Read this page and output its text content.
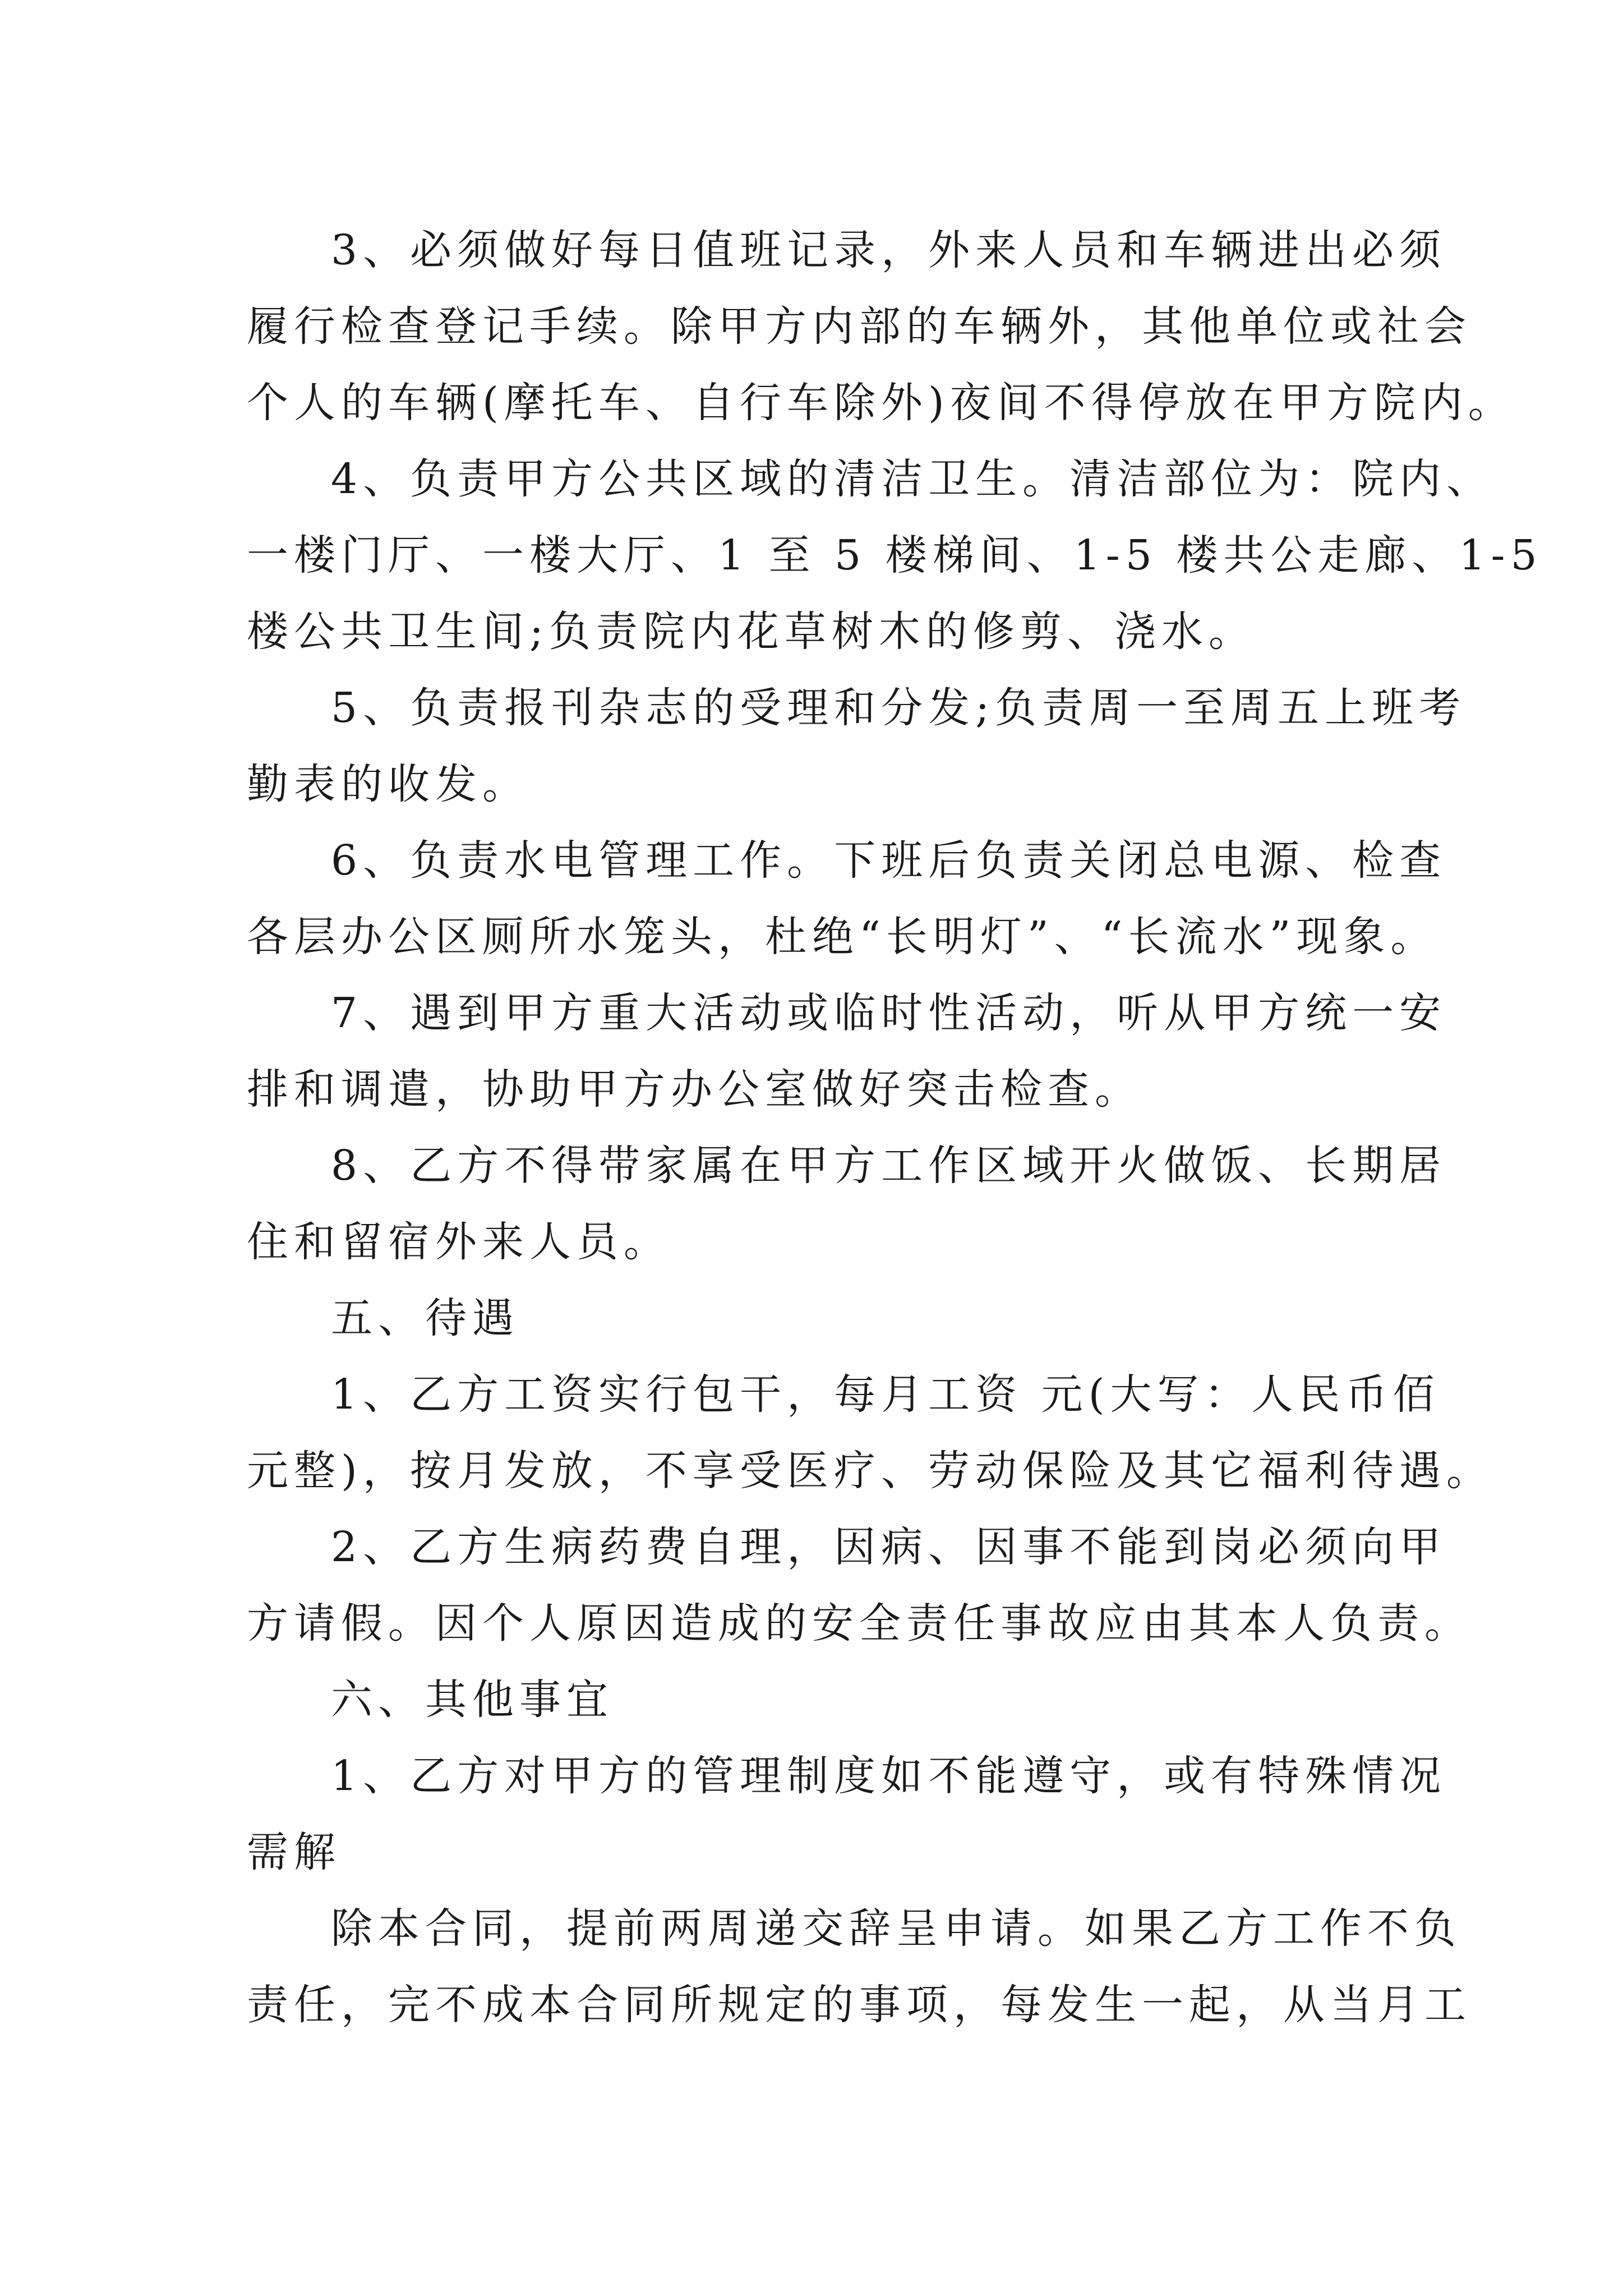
3、必须做好每日值班记录，外来人员和车辆进出必须
履行检查登记手续。除甲方内部的车辆外，其他单位或社会
个人的车辆(摩托车、自行车除外)夜间不得停放在甲方院内。
4、负责甲方公共区域的清洁卫生。清洁部位为：院内、
一楼门厅、一楼大厅、1 至 5 楼梯间、1-5 楼共公走廊、1-5
楼公共卫生间;负责院内花草树木的修剪、浇水。
5、负责报刊杂志的受理和分发;负责周一至周五上班考
勤表的收发。
6、负责水电管理工作。下班后负责关闭总电源、检查
各层办公区厕所水笼头，杜绝“长明灯”、“长流水”现象。
7、遇到甲方重大活动或临时性活动，听从甲方统一安
排和调遣，协助甲方办公室做好突击检查。
8、乙方不得带家属在甲方工作区域开火做饭、长期居
住和留宿外来人员。
五、待遇
1、乙方工资实行包干，每月工资 元(大写：人民币佰
元整)，按月发放，不享受医疗、劳动保险及其它福利待遇。
2、乙方生病药费自理，因病、因事不能到岗必须向甲
方请假。因个人原因造成的安全责任事故应由其本人负责。
六、其他事宜
1、乙方对甲方的管理制度如不能遵守，或有特殊情况
需解
除本合同，提前两周递交辞呈申请。如果乙方工作不负
责任，完不成本合同所规定的事项，每发生一起，从当月工
